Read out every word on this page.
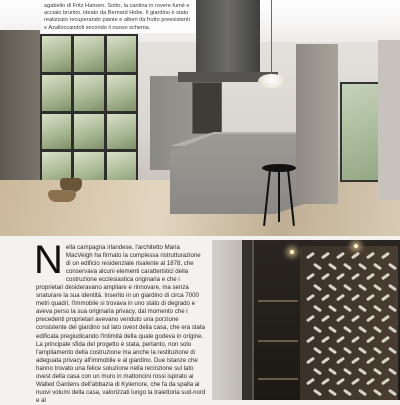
agabello di Fritz Hansen. Sotto, la cantina in rovere fumé e acciaio brunito, ideato da Bernard Hobe. Il giardino è stato realizzato recuperando piante e alberi da frutto preesistenti e Azalloccandoli secondo il nuovo schema.
N ella campagna irlandese, l'architetto Maria MacVeigh ha firmato la complessa ristrutturazione di un edificio residenziale risalente al 1878, che conservava alcuni elementi caratteristici della costruzione ecclesiastica originaria e che i proprietari desideravano ampliare e rinnovare, ma senza snaturare la sua identità. Inserito in un giardino di circa 7000 metri quadri, l'immobile si trovava in uno stato di degrado e aveva perso la sua originaria privacy, dal momento che i precedenti proprietari avevano venduto una porzione consistente del giardino sul lato ovest della casa, che era stata edificata pregiudicando l'intimità della quale godeva in origine. La principale sfida del progetto è stata, pertanto, non solo l'ampliamento della costruzione ma anche la restituzione di adeguata privacy all'immobile e al giardino. Due istanze che hanno trovato una felice soluzione nella recinzione sul lato ovest della casa con un muro in mattoncini rossi ispirato ai Walled Gardens dell'abbazia di Kylemore, che fa da spalla ai nuovi volumi della casa, valorizzati lungo la traiettoria sud-nord e al
